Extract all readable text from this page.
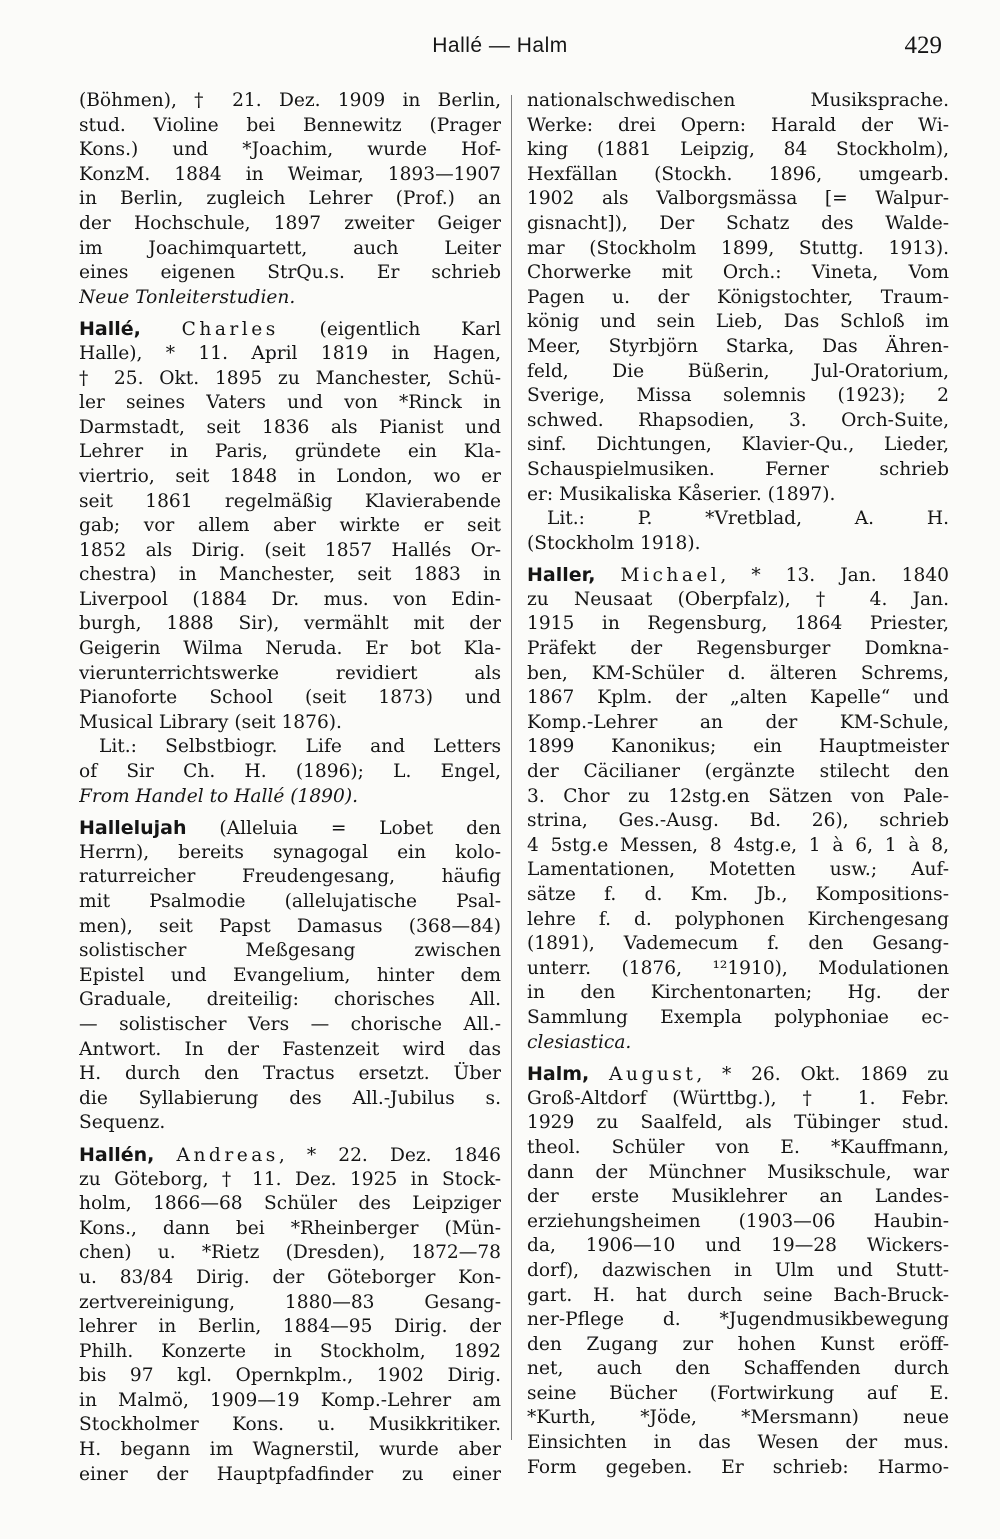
Hallé — Halm	429
(Böhmen), † 21. Dez. 1909 in Berlin,
stud. Violine bei Bennewitz (Prager
Kons.) und *Joachim, wurde Hof-
KonzM. 1884 in Weimar, 1893—1907
in Berlin, zugleich Lehrer (Prof.) an
der Hochschule, 1897 zweiter Geiger
im Joachimquartett, auch Leiter
eines eigenen StrQu.s. Er schrieb
Neue Tonleiterstudien.
Hallé, Charles (eigentlich Karl
Halle), * 11. April 1819 in Hagen,
† 25. Okt. 1895 zu Manchester, Schü-
ler seines Vaters und von *Rinck in
Darmstadt, seit 1836 als Pianist und
Lehrer in Paris, gründete ein Kla-
viertrio, seit 1848 in London, wo er
seit 1861 regelmäßig Klavierabende
gab; vor allem aber wirkte er seit
1852 als Dirig. (seit 1857 Hallés Or-
chestra) in Manchester, seit 1883 in
Liverpool (1884 Dr. mus. von Edin-
burgh, 1888 Sir), vermählt mit der
Geigerin Wilma Neruda. Er bot Kla-
vierunterrichtswerke revidiert als
Pianoforte School (seit 1873) und
Musical Library (seit 1876).
Lit.: Selbstbiogr. Life and Letters
of Sir Ch. H. (1896); L. Engel,
From Handel to Hallé (1890).
Hallelujah (Alleluia = Lobet den
Herrn), bereits synagogal ein kolo-
raturreicher Freudengesang, häufig
mit Psalmodie (allelujatische Psal-
men), seit Papst Damasus (368—84)
solistischer Meßgesang zwischen
Epistel und Evangelium, hinter dem
Graduale, dreiteilig: chorisches All.
— solistischer Vers — chorische All.-
Antwort. In der Fastenzeit wird das
H. durch den Tractus ersetzt. Über
die Syllabierung des All.-Jubilus s.
Sequenz.
Hallén, Andreas, * 22. Dez. 1846
zu Göteborg, † 11. Dez. 1925 in Stock-
holm, 1866—68 Schüler des Leipziger
Kons., dann bei *Rheinberger (Mün-
chen) u. *Rietz (Dresden), 1872—78
u. 83/84 Dirig. der Göteborger Kon-
zertvereinigung, 1880—83 Gesang-
lehrer in Berlin, 1884—95 Dirig. der
Philh. Konzerte in Stockholm, 1892
bis 97 kgl. Opernkplm., 1902 Dirig.
in Malmö, 1909—19 Komp.-Lehrer am
Stockholmer Kons. u. Musikkritiker.
H. begann im Wagnerstil, wurde aber
einer der Hauptpfadfinder zu einer
nationalschwedischen Musiksprache.
Werke: drei Opern: Harald der Wi-
king (1881 Leipzig, 84 Stockholm),
Hexfällan (Stockh. 1896, umgearb.
1902 als Valborgsmässa [= Walpur-
gisnacht]), Der Schatz des Walde-
mar (Stockholm 1899, Stuttg. 1913).
Chorwerke mit Orch.: Vineta, Vom
Pagen u. der Königstochter, Traum-
könig und sein Lieb, Das Schloß im
Meer, Styrbjörn Starka, Das Ähren-
feld, Die Büßerin, Jul-Oratorium,
Sverige, Missa solemnis (1923); 2
schwed. Rhapsodien, 3. Orch-Suite,
sinf. Dichtungen, Klavier-Qu., Lieder,
Schauspielmusiken. Ferner schrieb
er: Musikaliska Kåserier. (1897).
Lit.: P. *Vretblad, A. H.
(Stockholm 1918).
Haller, Michael, * 13. Jan. 1840
zu Neusaat (Oberpfalz), † 4. Jan.
1915 in Regensburg, 1864 Priester,
Präfekt der Regensburger Domkna-
ben, KM-Schüler d. älteren Schrems,
1867 Kplm. der „alten Kapelle“ und
Komp.-Lehrer an der KM-Schule,
1899 Kanonikus; ein Hauptmeister
der Cäcilianer (ergänzte stilecht den
3. Chor zu 12stg.en Sätzen von Pale-
strina, Ges.-Ausg. Bd. 26), schrieb
4 5stg.e Messen, 8 4stg.e, 1 à 6, 1 à 8,
Lamentationen, Motetten usw.; Auf-
sätze f. d. Km. Jb., Kompositions-
lehre f. d. polyphonen Kirchengesang
(1891), Vademecum f. den Gesang-
unterr. (1876, ¹²1910), Modulationen
in den Kirchentonarten; Hg. der
Sammlung Exempla polyphoniae ec-
clesiastica.
Halm, August, * 26. Okt. 1869 zu
Groß-Altdorf (Württbg.), † 1. Febr.
1929 zu Saalfeld, als Tübinger stud.
theol. Schüler von E. *Kauffmann,
dann der Münchner Musikschule, war
der erste Musiklehrer an Landes-
erziehungsheimen (1903—06 Haubin-
da, 1906—10 und 19—28 Wickers-
dorf), dazwischen in Ulm und Stutt-
gart. H. hat durch seine Bach-Bruck-
ner-Pflege d. *Jugendmusikbewegung
den Zugang zur hohen Kunst eröff-
net, auch den Schaffenden durch
seine Bücher (Fortwirkung auf E.
*Kurth, *Jöde, *Mersmann) neue
Einsichten in das Wesen der mus.
Form gegeben. Er schrieb: Harmo-
